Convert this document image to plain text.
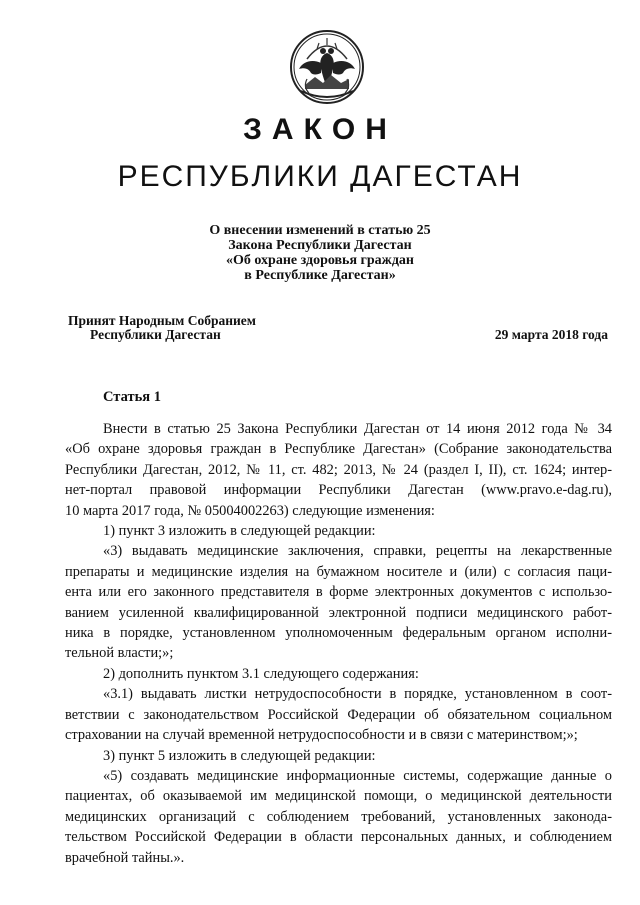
ЗАКОН
РЕСПУБЛИКИ ДАГЕСТАН
О внесении изменений в статью 25
Закона Республики Дагестан
«Об охране здоровья граждан
в Республике Дагестан»
Принят Народным Собранием
Республики Дагестан	29 марта 2018 года
Статья 1
Внести в статью 25 Закона Республики Дагестан от 14 июня 2012 года № 34
«Об охране здоровья граждан в Республике Дагестан» (Собрание законодательства
Республики Дагестан, 2012, № 11, ст. 482; 2013, № 24 (раздел I, II), ст. 1624; интер-
нет-портал правовой информации Республики Дагестан (www.pravo.e-dag.ru),
10 марта 2017 года, № 05004002263) следующие изменения:
1) пункт 3 изложить в следующей редакции:
«3) выдавать медицинские заключения, справки, рецепты на лекарственные
препараты и медицинские изделия на бумажном носителе и (или) с согласия паци-
ента или его законного представителя в форме электронных документов с использо-
ванием усиленной квалифицированной электронной подписи медицинского работ-
ника в порядке, установленном уполномоченным федеральным органом исполни-
тельной власти;»;
2) дополнить пунктом 3.1 следующего содержания:
«3.1) выдавать листки нетрудоспособности в порядке, установленном в соот-
ветствии с законодательством Российской Федерации об обязательном социальном
страховании на случай временной нетрудоспособности и в связи с материнством;»;
3) пункт 5 изложить в следующей редакции:
«5) создавать медицинские информационные системы, содержащие данные о
пациентах, об оказываемой им медицинской помощи, о медицинской деятельности
медицинских организаций с соблюдением требований, установленных законода-
тельством Российской Федерации в области персональных данных, и соблюдением
врачебной тайны.».
